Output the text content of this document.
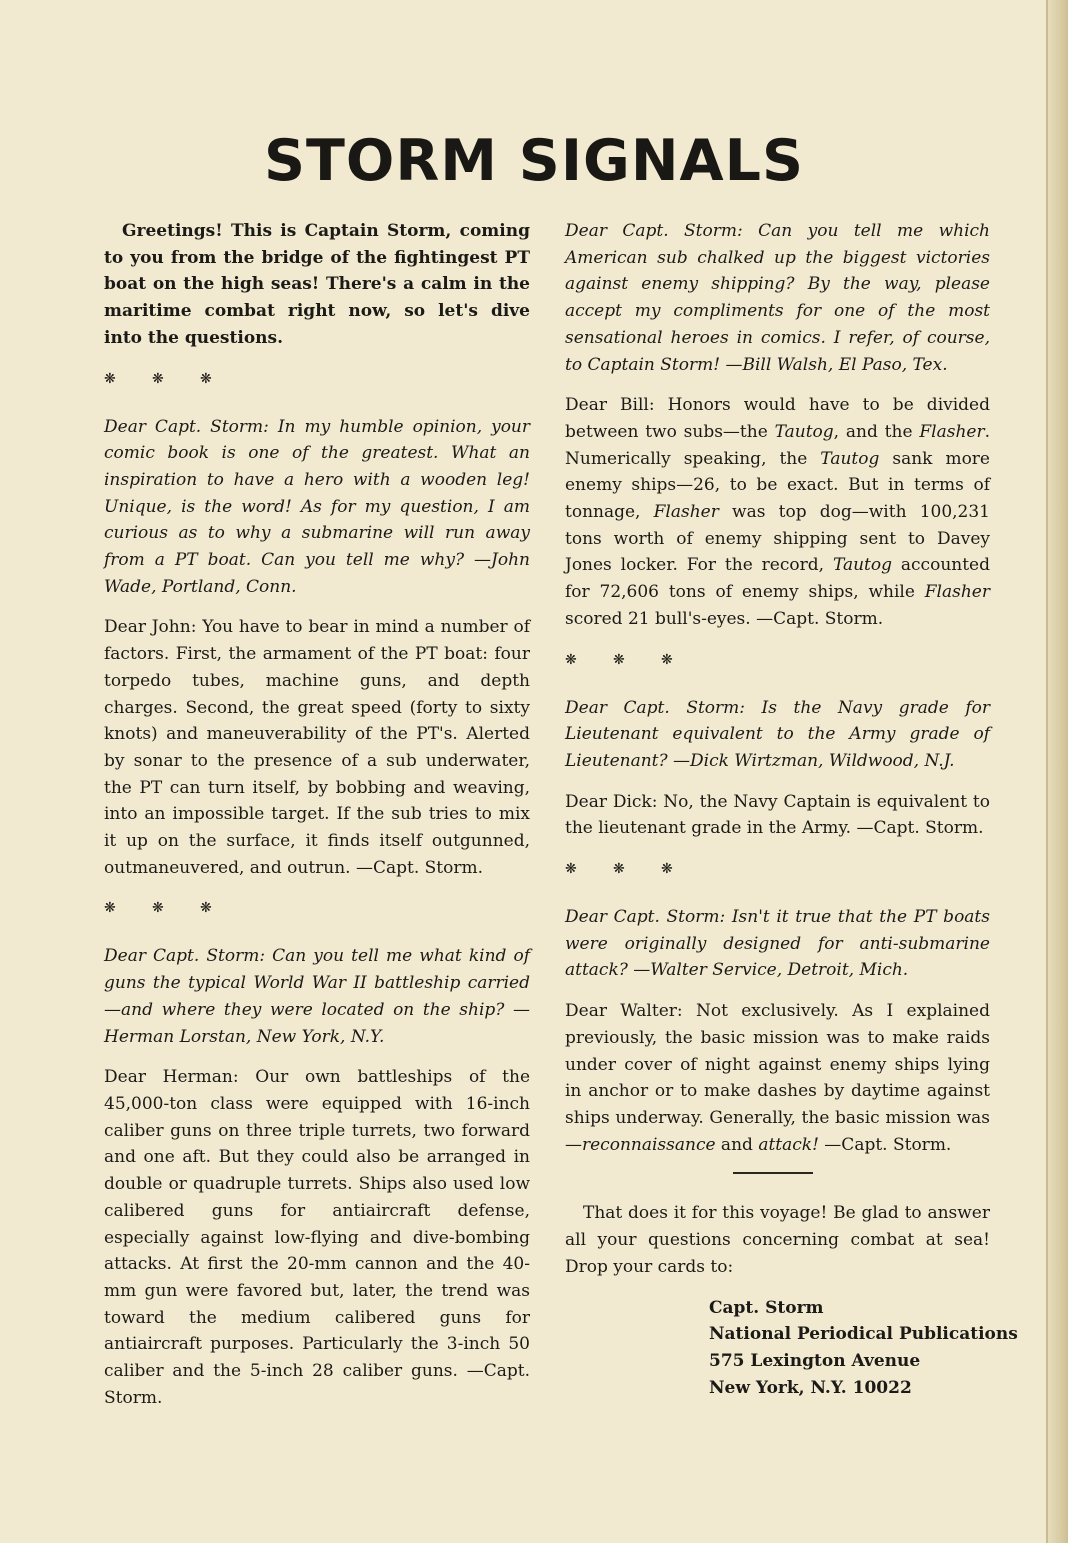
STORM SIGNALS

Greetings! This is Captain Storm, coming to you from the bridge of the fightingest PT boat on the high seas! There's a calm in the maritime combat right now, so let's dive into the questions.

❋	❋	❋

Dear Capt. Storm: In my humble opinion, your comic book is one of the greatest. What an inspiration to have a hero with a wooden leg! Unique, is the word! As for my question, I am curious as to why a submarine will run away from a PT boat. Can you tell me why? —John Wade, Portland, Conn.

Dear John: You have to bear in mind a number of factors. First, the armament of the PT boat: four torpedo tubes, machine guns, and depth charges. Second, the great speed (forty to sixty knots) and maneuverability of the PT's. Alerted by sonar to the presence of a sub underwater, the PT can turn itself, by bobbing and weaving, into an impossible target. If the sub tries to mix it up on the surface, it finds itself outgunned, outmaneuvered, and outrun. —Capt. Storm.

❋	❋	❋

Dear Capt. Storm: Can you tell me what kind of guns the typical World War II battleship carried —and where they were located on the ship? —Herman Lorstan, New York, N.Y.

Dear Herman: Our own battleships of the 45,000-ton class were equipped with 16-inch caliber guns on three triple turrets, two forward and one aft. But they could also be arranged in double or quadruple turrets. Ships also used low calibered guns for antiaircraft defense, especially against low-flying and dive-bombing attacks. At first the 20-mm cannon and the 40-mm gun were favored but, later, the trend was toward the medium calibered guns for antiaircraft purposes. Particularly the 3-inch 50 caliber and the 5-inch 28 caliber guns. —Capt. Storm.

Dear Capt. Storm: Can you tell me which American sub chalked up the biggest victories against enemy shipping? By the way, please accept my compliments for one of the most sensational heroes in comics. I refer, of course, to Captain Storm! —Bill Walsh, El Paso, Tex.

Dear Bill: Honors would have to be divided between two subs—the Tautog, and the Flasher. Numerically speaking, the Tautog sank more enemy ships—26, to be exact. But in terms of tonnage, Flasher was top dog—with 100,231 tons worth of enemy shipping sent to Davey Jones locker. For the record, Tautog accounted for 72,606 tons of enemy ships, while Flasher scored 21 bull's-eyes. —Capt. Storm.

❋	❋	❋

Dear Capt. Storm: Is the Navy grade for Lieutenant equivalent to the Army grade of Lieutenant? —Dick Wirtzman, Wildwood, N.J.

Dear Dick: No, the Navy Captain is equivalent to the lieutenant grade in the Army. —Capt. Storm.

❋	❋	❋

Dear Capt. Storm: Isn't it true that the PT boats were originally designed for anti-submarine attack? —Walter Service, Detroit, Mich.

Dear Walter: Not exclusively. As I explained previously, the basic mission was to make raids under cover of night against enemy ships lying in anchor or to make dashes by daytime against ships underway. Generally, the basic mission was —reconnaissance and attack! —Capt. Storm.

That does it for this voyage! Be glad to answer all your questions concerning combat at sea! Drop your cards to:

Capt. Storm
National Periodical Publications
575 Lexington Avenue
New York, N.Y. 10022
